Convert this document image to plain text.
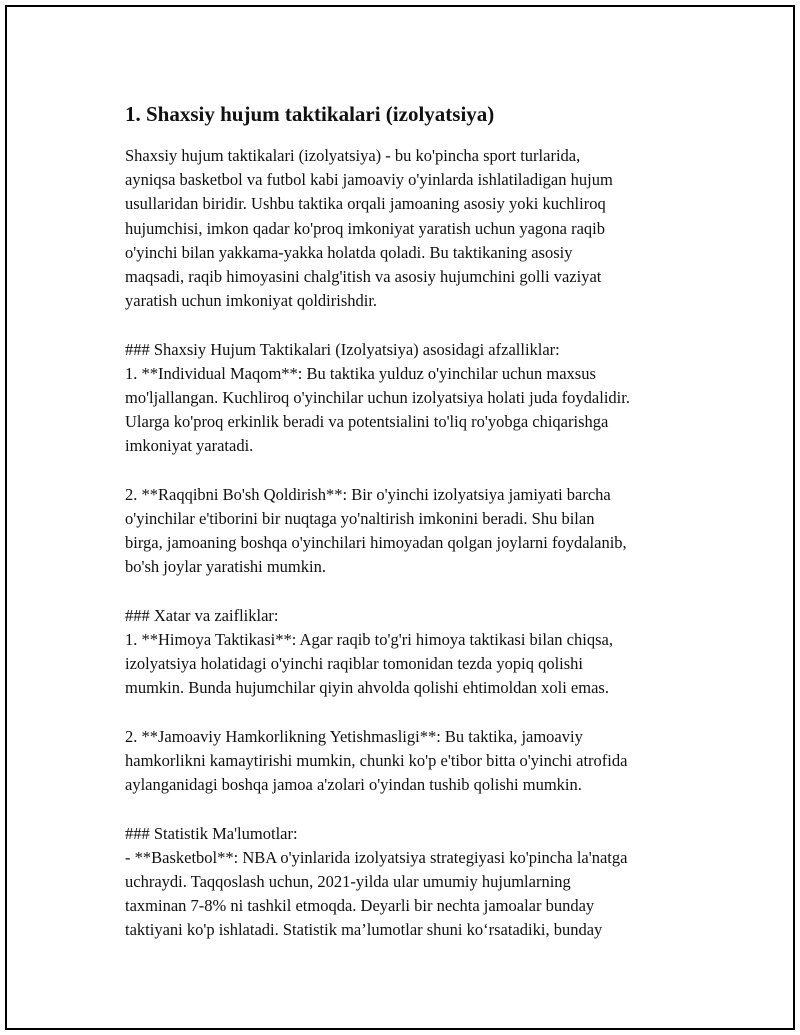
1. Shaxsiy hujum taktikalari (izolyatsiya)

Shaxsiy hujum taktikalari (izolyatsiya) - bu ko'pincha sport turlarida,
ayniqsa basketbol va futbol kabi jamoaviy o'yinlarda ishlatiladigan hujum
usullaridan biridir. Ushbu taktika orqali jamoaning asosiy yoki kuchliroq
hujumchisi, imkon qadar ko'proq imkoniyat yaratish uchun yagona raqib
o'yinchi bilan yakkama-yakka holatda qoladi. Bu taktikaning asosiy
maqsadi, raqib himoyasini chalg'itish va asosiy hujumchini golli vaziyat
yaratish uchun imkoniyat qoldirishdir.

### Shaxsiy Hujum Taktikalari (Izolyatsiya) asosidagi afzalliklar:

1. **Individual Maqom**: Bu taktika yulduz o'yinchilar uchun maxsus
mo'ljallangan. Kuchliroq o'yinchilar uchun izolyatsiya holati juda foydalidir.
Ularga ko'proq erkinlik beradi va potentsialini to'liq ro'yobga chiqarishga
imkoniyat yaratadi.

2. **Raqqibni Bo'sh Qoldirish**: Bir o'yinchi izolyatsiya jamiyati barcha
o'yinchilar e'tiborini bir nuqtaga yo'naltirish imkonini beradi. Shu bilan
birga, jamoaning boshqa o'yinchilari himoyadan qolgan joylarni foydalanib,
bo'sh joylar yaratishi mumkin.

### Xatar va zaifliklar:

1. **Himoya Taktikasi**: Agar raqib to'g'ri himoya taktikasi bilan chiqsa,
izolyatsiya holatidagi o'yinchi raqiblar tomonidan tezda yopiq qolishi
mumkin. Bunda hujumchilar qiyin ahvolda qolishi ehtimoldan xoli emas.

2. **Jamoaviy Hamkorlikning Yetishmasligi**: Bu taktika, jamoaviy
hamkorlikni kamaytirishi mumkin, chunki ko'p e'tibor bitta o'yinchi atrofida
aylanganidagi boshqa jamoa a'zolari o'yindan tushib qolishi mumkin.

### Statistik Ma'lumotlar:

- **Basketbol**: NBA o'yinlarida izolyatsiya strategiyasi ko'pincha la'natga
uchraydi. Taqqoslash uchun, 2021-yilda ular umumiy hujumlarning
taxminan 7-8% ni tashkil etmoqda. Deyarli bir nechta jamoalar bunday
taktiyani ko'p ishlatadi. Statistik ma’lumotlar shuni ko‘rsatadiki, bunday
